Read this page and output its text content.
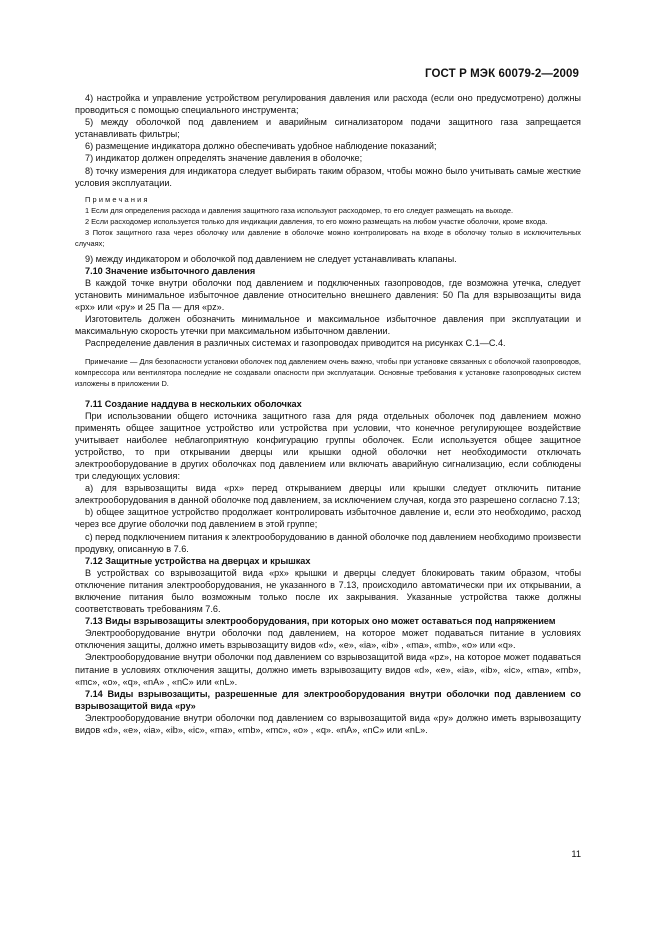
ГОСТ Р МЭК 60079-2—2009

4) настройка и управление устройством регулирования давления или расхода (если оно предусмотрено) должны проводиться с помощью специального инструмента;

5) между оболочкой под давлением и аварийным сигнализатором подачи защитного газа запрещается устанавливать фильтры;

6) размещение индикатора должно обеспечивать удобное наблюдение показаний;

7) индикатор должен определять значение давления в оболочке;

8) точку измерения для индикатора следует выбирать таким образом, чтобы можно было учитывать самые жесткие условия эксплуатации.

Примечания

1 Если для определения расхода и давления защитного газа используют расходомер, то его следует размещать на выходе.

2 Если расходомер используется только для индикации давления, то его можно размещать на любом участке оболочки, кроме входа.

3 Поток защитного газа через оболочку или давление в оболочке можно контролировать на входе в оболочку только в исключительных случаях;

9) между индикатором и оболочкой под давлением не следует устанавливать клапаны.

7.10 Значение избыточного давления

В каждой точке внутри оболочки под давлением и подключенных газопроводов, где возможна утечка, следует установить минимальное избыточное давление относительно внешнего давления: 50 Па для взрывозащиты вида «px» или «py» и 25 Па — для «pz».

Изготовитель должен обозначить минимальное и максимальное избыточное давления при эксплуатации и максимальную скорость утечки при максимальном избыточном давлении.

Распределение давления в различных системах и газопроводах приводится на рисунках С.1—С.4.

Примечание — Для безопасности установки оболочек под давлением очень важно, чтобы при установке связанных с оболочкой газопроводов, компрессора или вентилятора последние не создавали опасности при эксплуатации. Основные требования к установке газопроводных систем изложены в приложении D.

7.11 Создание наддува в нескольких оболочках

При использовании общего источника защитного газа для ряда отдельных оболочек под давлением можно применять общее защитное устройство или устройства при условии, что конечное регулирующее воздействие учитывает наиболее неблагоприятную конфигурацию группы оболочек. Если используется общее защитное устройство, то при открывании дверцы или крышки одной оболочки нет необходимости отключать электрооборудование в других оболочках под давлением или включать аварийную сигнализацию, если соблюдены три следующих условия:

a) для взрывозащиты вида «px» перед открыванием дверцы или крышки следует отключить питание электрооборудования в данной оболочке под давлением, за исключением случая, когда это разрешено согласно 7.13;

b) общее защитное устройство продолжает контролировать избыточное давление и, если это необходимо, расход через все другие оболочки под давлением в этой группе;

c) перед подключением питания к электрооборудованию в данной оболочке под давлением необходимо произвести продувку, описанную в 7.6.

7.12 Защитные устройства на дверцах и крышках

В устройствах со взрывозащитой вида «px» крышки и дверцы следует блокировать таким образом, чтобы отключение питания электрооборудования, не указанного в 7.13, происходило автоматически при их открывании, а включение питания было возможным только после их закрывания. Указанные устройства также должны соответствовать требованиям 7.6.

7.13 Виды взрывозащиты электрооборудования, при которых оно может оставаться под напряжением

Электрооборудование внутри оболочки под давлением, на которое может подаваться питание в условиях отключения защиты, должно иметь взрывозащиту видов «d», «e», «ia», «ib» , «ma», «mb», «o» или «q».

Электрооборудование внутри оболочки под давлением со взрывозащитой вида «pz», на которое может подаваться питание в условиях отключения защиты, должно иметь взрывозащиту видов «d», «e», «ia», «ib», «ic», «ma», «mb», «mc», «o», «q», «nA» , «nC» или «nL».

7.14 Виды взрывозащиты, разрешенные для электрооборудования внутри оболочки под давлением со взрывозащитой вида «py»

Электрооборудование внутри оболочки под давлением со взрывозащитой вида «py» должно иметь взрывозащиту видов «d», «e», «ia», «ib», «ic», «ma», «mb», «mc», «o» , «q». «nA», «nC» или «nL».

11
